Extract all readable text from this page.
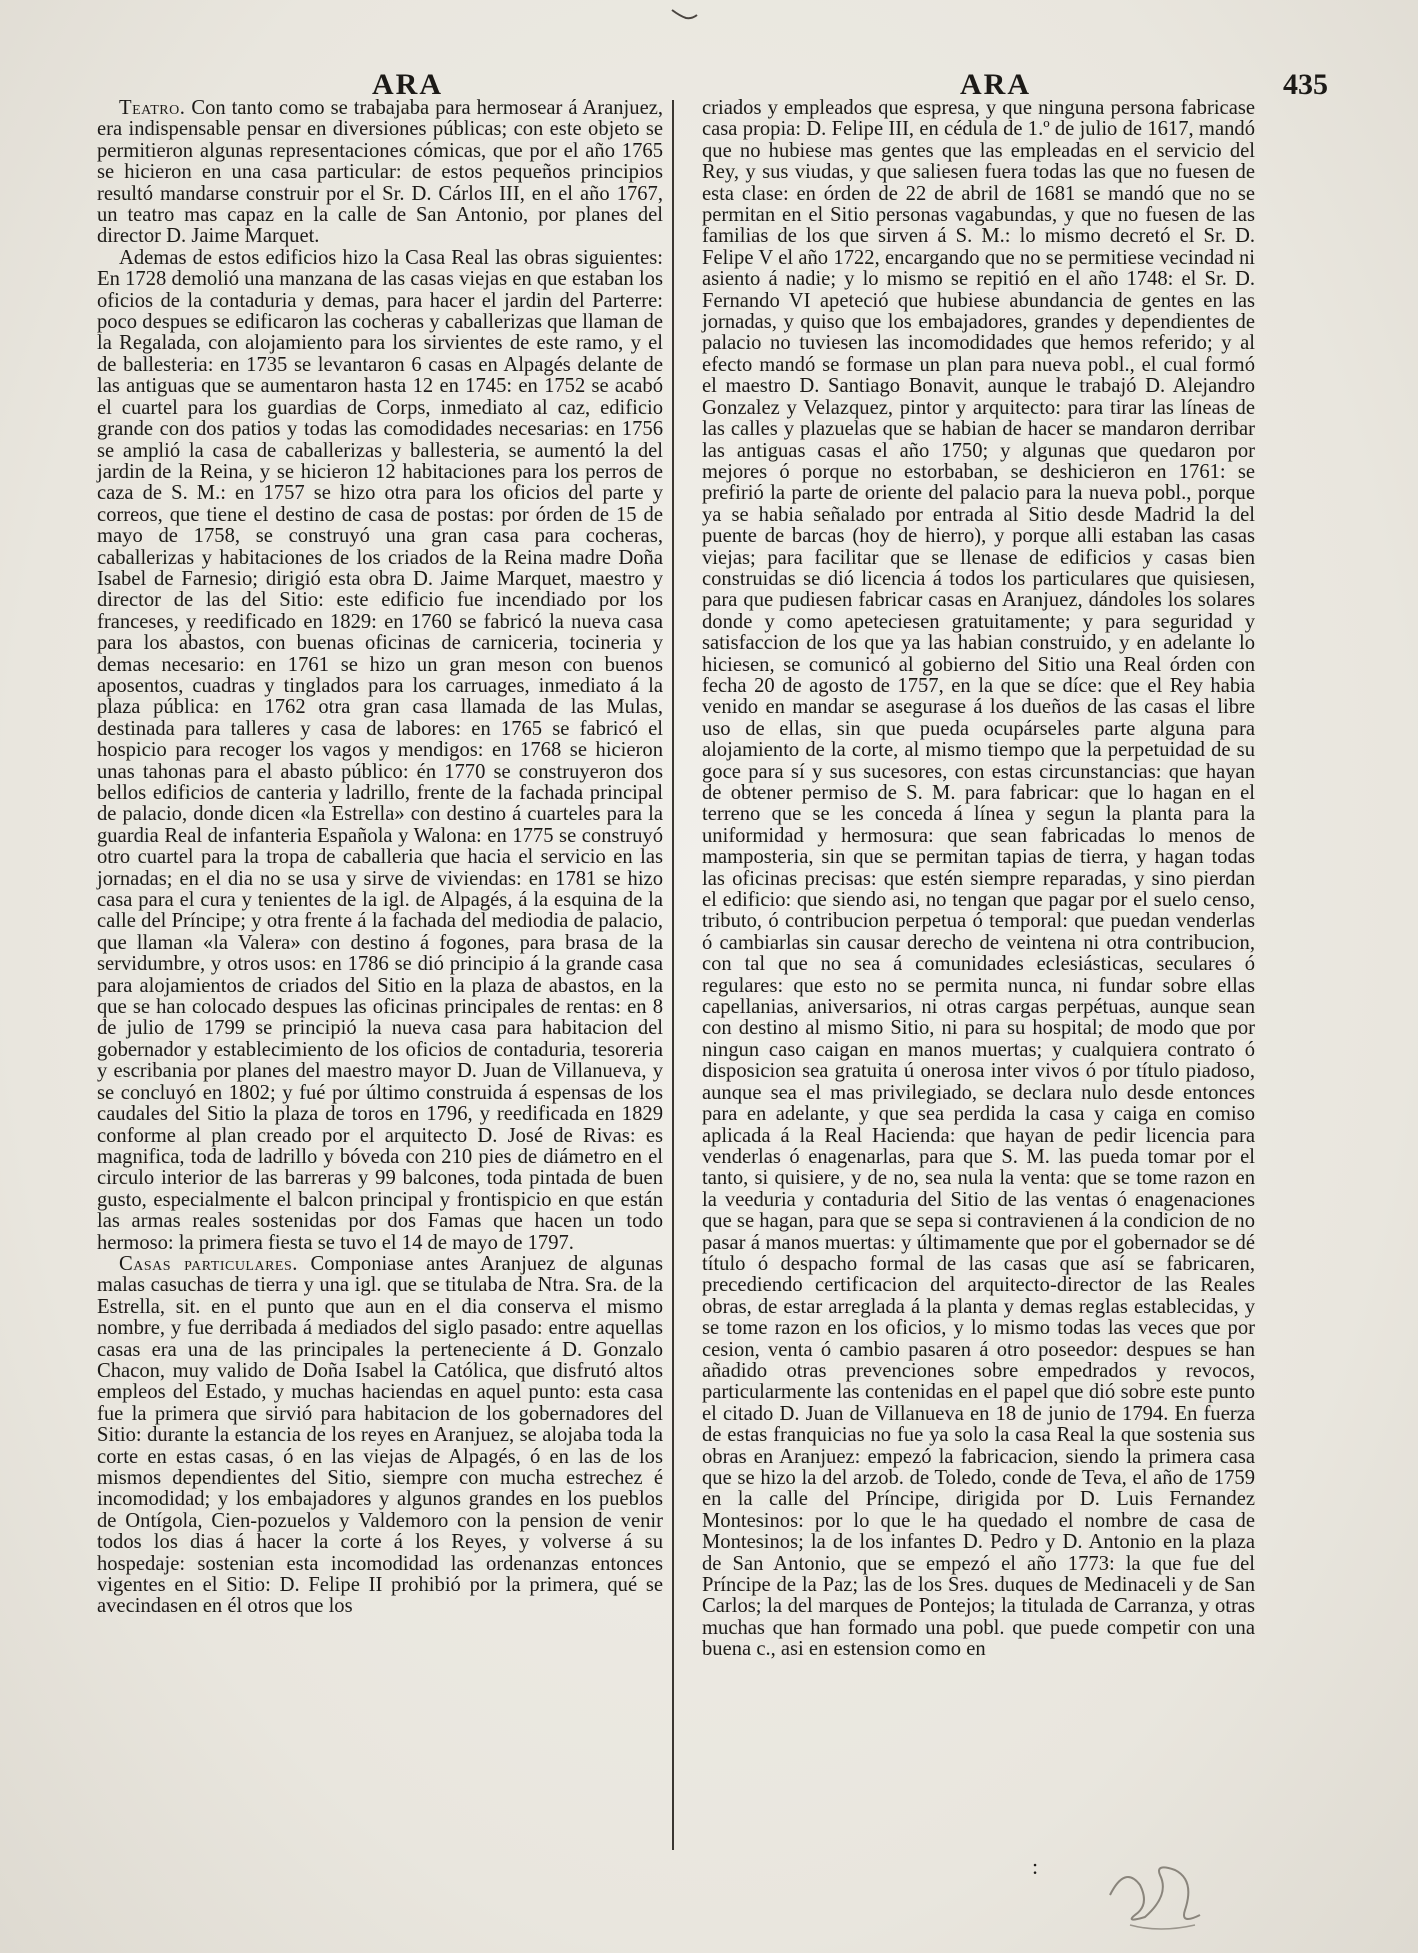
ARA	ARA	435

Teatro. Con tanto como se trabajaba para hermosear á Aranjuez, era indispensable pensar en diversiones públicas; con este objeto se permitieron algunas representaciones cómicas, que por el año 1765 se hicieron en una casa particular: de estos pequeños principios resultó mandarse construir por el Sr. D. Cárlos III, en el año 1767, un teatro mas capaz en la calle de San Antonio, por planes del director D. Jaime Marquet.

Ademas de estos edificios hizo la Casa Real las obras siguientes: En 1728 demolió una manzana de las casas viejas en que estaban los oficios de la contaduria y demas, para hacer el jardin del Parterre: poco despues se edificaron las cocheras y caballerizas que llaman de la Regalada, con alojamiento para los sirvientes de este ramo, y el de ballesteria: en 1735 se levantaron 6 casas en Alpagés delante de las antiguas que se aumentaron hasta 12 en 1745: en 1752 se acabó el cuartel para los guardias de Corps, inmediato al caz, edificio grande con dos patios y todas las comodidades necesarias: en 1756 se amplió la casa de caballerizas y ballesteria, se aumentó la del jardin de la Reina, y se hicieron 12 habitaciones para los perros de caza de S. M.: en 1757 se hizo otra para los oficios del parte y correos, que tiene el destino de casa de postas: por órden de 15 de mayo de 1758, se construyó una gran casa para cocheras, caballerizas y habitaciones de los criados de la Reina madre Doña Isabel de Farnesio; dirigió esta obra D. Jaime Marquet, maestro y director de las del Sitio: este edificio fue incendiado por los franceses, y reedificado en 1829: en 1760 se fabricó la nueva casa para los abastos, con buenas oficinas de carniceria, tocineria y demas necesario: en 1761 se hizo un gran meson con buenos aposentos, cuadras y tinglados para los carruages, inmediato á la plaza pública: en 1762 otra gran casa llamada de las Mulas, destinada para talleres y casa de labores: en 1765 se fabricó el hospicio para recoger los vagos y mendigos: en 1768 se hicieron unas tahonas para el abasto público: én 1770 se construyeron dos bellos edificios de canteria y ladrillo, frente de la fachada principal de palacio, donde dicen «la Estrella» con destino á cuarteles para la guardia Real de infanteria Española y Walona: en 1775 se construyó otro cuartel para la tropa de caballeria que hacia el servicio en las jornadas; en el dia no se usa y sirve de viviendas: en 1781 se hizo casa para el cura y tenientes de la igl. de Alpagés, á la esquina de la calle del Príncipe; y otra frente á la fachada del mediodia de palacio, que llaman «la Valera» con destino á fogones, para brasa de la servidumbre, y otros usos: en 1786 se dió principio á la grande casa para alojamientos de criados del Sitio en la plaza de abastos, en la que se han colocado despues las oficinas principales de rentas: en 8 de julio de 1799 se principió la nueva casa para habitacion del gobernador y establecimiento de los oficios de contaduria, tesoreria y escribania por planes del maestro mayor D. Juan de Villanueva, y se concluyó en 1802; y fué por último construida á espensas de los caudales del Sitio la plaza de toros en 1796, y reedificada en 1829 conforme al plan creado por el arquitecto D. José de Rivas: es magnifica, toda de ladrillo y bóveda con 210 pies de diámetro en el circulo interior de las barreras y 99 balcones, toda pintada de buen gusto, especialmente el balcon principal y frontispicio en que están las armas reales sostenidas por dos Famas que hacen un todo hermoso: la primera fiesta se tuvo el 14 de mayo de 1797.

Casas particulares. Componiase antes Aranjuez de algunas malas casuchas de tierra y una igl. que se titulaba de Ntra. Sra. de la Estrella, sit. en el punto que aun en el dia conserva el mismo nombre, y fue derribada á mediados del siglo pasado: entre aquellas casas era una de las principales la perteneciente á D. Gonzalo Chacon, muy valido de Doña Isabel la Católica, que disfrutó altos empleos del Estado, y muchas haciendas en aquel punto: esta casa fue la primera que sirvió para habitacion de los gobernadores del Sitio: durante la estancia de los reyes en Aranjuez, se alojaba toda la corte en estas casas, ó en las viejas de Alpagés, ó en las de los mismos dependientes del Sitio, siempre con mucha estrechez é incomodidad; y los embajadores y algunos grandes en los pueblos de Ontígola, Cien-pozuelos y Valdemoro con la pension de venir todos los dias á hacer la corte á los Reyes, y volverse á su hospedaje: sostenian esta incomodidad las ordenanzas entonces vigentes en el Sitio: D. Felipe II prohibió por la primera, qué se avecindasen en él otros que los

criados y empleados que espresa, y que ninguna persona fabricase casa propia: D. Felipe III, en cédula de 1.º de julio de 1617, mandó que no hubiese mas gentes que las empleadas en el servicio del Rey, y sus viudas, y que saliesen fuera todas las que no fuesen de esta clase: en órden de 22 de abril de 1681 se mandó que no se permitan en el Sitio personas vagabundas, y que no fuesen de las familias de los que sirven á S. M.: lo mismo decretó el Sr. D. Felipe V el año 1722, encargando que no se permitiese vecindad ni asiento á nadie; y lo mismo se repitió en el año 1748: el Sr. D. Fernando VI apeteció que hubiese abundancia de gentes en las jornadas, y quiso que los embajadores, grandes y dependientes de palacio no tuviesen las incomodidades que hemos referido; y al efecto mandó se formase un plan para nueva pobl., el cual formó el maestro D. Santiago Bonavit, aunque le trabajó D. Alejandro Gonzalez y Velazquez, pintor y arquitecto: para tirar las líneas de las calles y plazuelas que se habian de hacer se mandaron derribar las antiguas casas el año 1750; y algunas que quedaron por mejores ó porque no estorbaban, se deshicieron en 1761: se prefirió la parte de oriente del palacio para la nueva pobl., porque ya se habia señalado por entrada al Sitio desde Madrid la del puente de barcas (hoy de hierro), y porque alli estaban las casas viejas; para facilitar que se llenase de edificios y casas bien construidas se dió licencia á todos los particulares que quisiesen, para que pudiesen fabricar casas en Aranjuez, dándoles los solares donde y como apeteciesen gratuitamente; y para seguridad y satisfaccion de los que ya las habian construido, y en adelante lo hiciesen, se comunicó al gobierno del Sitio una Real órden con fecha 20 de agosto de 1757, en la que se díce: que el Rey habia venido en mandar se asegurase á los dueños de las casas el libre uso de ellas, sin que pueda ocupárseles parte alguna para alojamiento de la corte, al mismo tiempo que la perpetuidad de su goce para sí y sus sucesores, con estas circunstancias: que hayan de obtener permiso de S. M. para fabricar: que lo hagan en el terreno que se les conceda á línea y segun la planta para la uniformidad y hermosura: que sean fabricadas lo menos de mamposteria, sin que se permitan tapias de tierra, y hagan todas las oficinas precisas: que estén siempre reparadas, y sino pierdan el edificio: que siendo asi, no tengan que pagar por el suelo censo, tributo, ó contribucion perpetua ó temporal: que puedan venderlas ó cambiarlas sin causar derecho de veintena ni otra contribucion, con tal que no sea á comunidades eclesiásticas, seculares ó regulares: que esto no se permita nunca, ni fundar sobre ellas capellanias, aniversarios, ni otras cargas perpétuas, aunque sean con destino al mismo Sitio, ni para su hospital; de modo que por ningun caso caigan en manos muertas; y cualquiera contrato ó disposicion sea gratuita ú onerosa inter vivos ó por título piadoso, aunque sea el mas privilegiado, se declara nulo desde entonces para en adelante, y que sea perdida la casa y caiga en comiso aplicada á la Real Hacienda: que hayan de pedir licencia para venderlas ó enagenarlas, para que S. M. las pueda tomar por el tanto, si quisiere, y de no, sea nula la venta: que se tome razon en la veeduria y contaduria del Sitio de las ventas ó enagenaciones que se hagan, para que se sepa si contravienen á la condicion de no pasar á manos muertas: y últimamente que por el gobernador se dé título ó despacho formal de las casas que así se fabricaren, precediendo certificacion del arquitecto-director de las Reales obras, de estar arreglada á la planta y demas reglas establecidas, y se tome razon en los oficios, y lo mismo todas las veces que por cesion, venta ó cambio pasaren á otro poseedor: despues se han añadido otras prevenciones sobre empedrados y revocos, particularmente las contenidas en el papel que dió sobre este punto el citado D. Juan de Villanueva en 18 de junio de 1794. En fuerza de estas franquicias no fue ya solo la casa Real la que sostenia sus obras en Aranjuez: empezó la fabricacion, siendo la primera casa que se hizo la del arzob. de Toledo, conde de Teva, el año de 1759 en la calle del Príncipe, dirigida por D. Luis Fernandez Montesinos: por lo que le ha quedado el nombre de casa de Montesinos; la de los infantes D. Pedro y D. Antonio en la plaza de San Antonio, que se empezó el año 1773: la que fue del Príncipe de la Paz; las de los Sres. duques de Medinaceli y de San Carlos; la del marques de Pontejos; la titulada de Carranza, y otras muchas que han formado una pobl. que puede competir con una buena c., asi en estension como en

:
